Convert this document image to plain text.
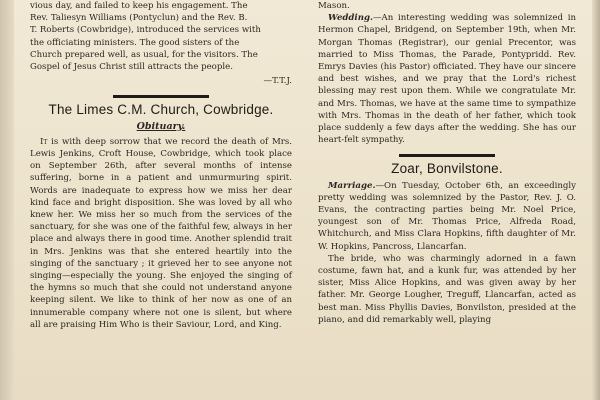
vious day, and failed to keep his engagement. The

Rev. Taliesyn Williams (Pontyclun) and the Rev. B.

T. Roberts (Cowbridge), introduced the services with

the officiating ministers. The good sisters of the

Church prepared well, as usual, for the visitors. The

Gospel of Jesus Christ still attracts the people.

—T.T.J.
The Limes C.M. Church, Cowbridge.
Obituary.

It is with deep sorrow that we record the death of Mrs. Lewis Jenkins, Croft House, Cowbridge, which took place on September 26th, after several months of intense suffering, borne in a patient and unmurmuring spirit. Words are inadequate to express how we miss her dear kind face and bright disposition. She was loved by all who knew her. We miss her so much from the services of the sanctuary, for she was one of the faithful few, always in her place and always there in good time. Another splendid trait in Mrs. Jenkins was that she entered heartily into the singing of the sanctuary ; it grieved her to see anyone not singing—especially the young. She enjoyed the singing of the hymns so much that she could not understand anyone keeping silent. We like to think of her now as one of an innumerable company where not one is silent, but where all are praising Him Who is their Saviour, Lord, and King.

Mason.

Wedding.—An interesting wedding was solemnized in Hermon Chapel, Bridgend, on September 19th, when Mr. Morgan Thomas (Registrar), our genial Precentor, was married to Miss Thomas, the Parade, Pontypridd. Rev. Emrys Davies (his Pastor) officiated. They have our sincere and best wishes, and we pray that the Lord's richest blessing may rest upon them. While we congratulate Mr. and Mrs. Thomas, we have at the same time to sympathize with Mrs. Thomas in the death of her father, which took place suddenly a few days after the wedding. She has our heart-felt sympathy.

Zoar, Bonvilstone.

Marriage.—On Tuesday, October 6th, an exceedingly pretty wedding was solemnized by the Pastor, Rev. J. O. Evans, the contracting parties being Mr. Noel Price, youngest son of Mr. Thomas Price, Alfreda Road, Whitchurch, and Miss Clara Hopkins, fifth daughter of Mr. W. Hopkins, Pancross, Llancarfan.

The bride, who was charmingly adorned in a fawn costume, fawn hat, and a kunk fur, was attended by her sister, Miss Alice Hopkins, and was given away by her father. Mr. George Lougher, Treguff, Llancarfan, acted as best man. Miss Phyllis Davies, Bonvilston, presided at the piano, and did remarkably well, playing
